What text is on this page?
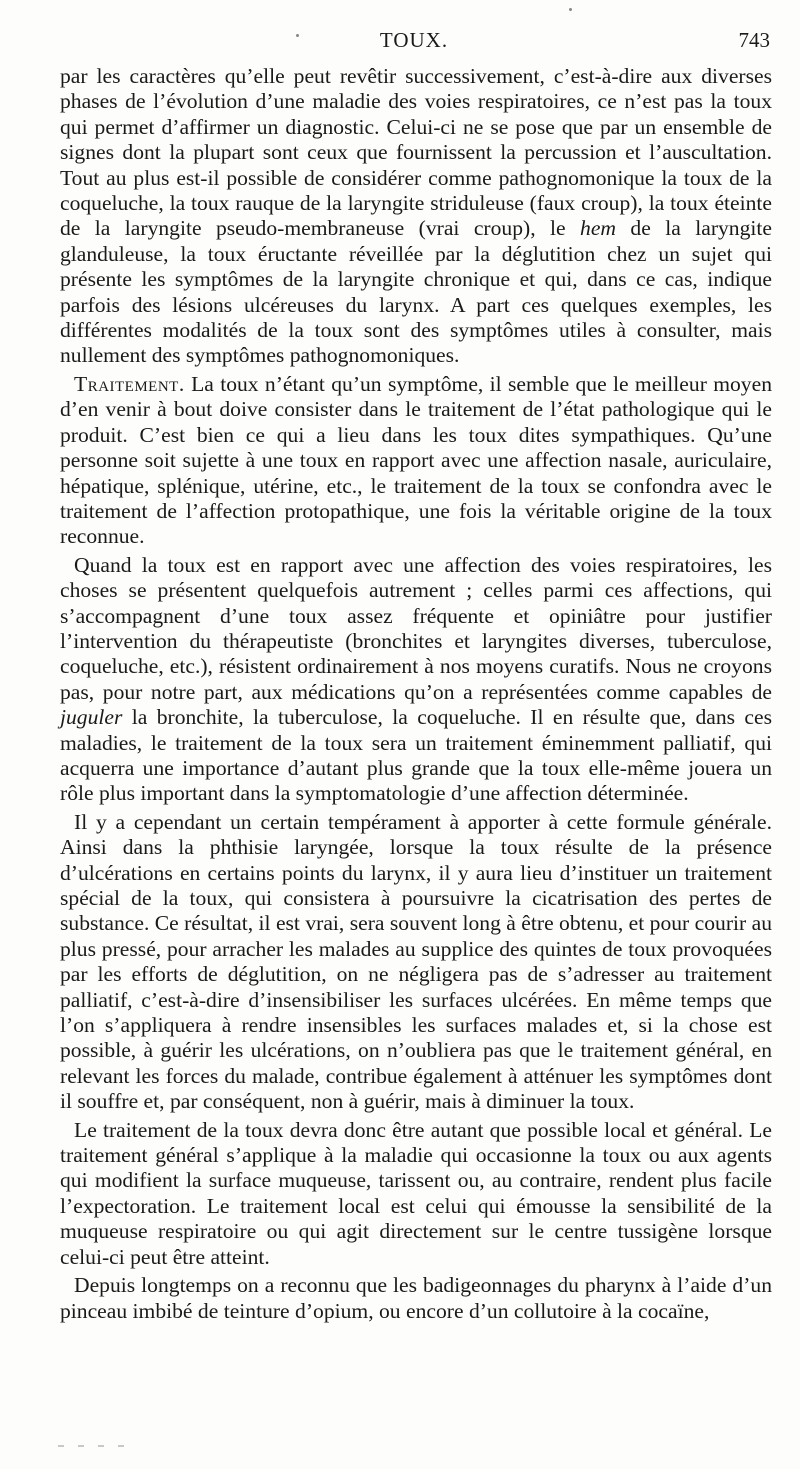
TOUX.	743

par les caractères qu’elle peut revêtir successivement, c’est-à-dire aux diverses phases de l’évolution d’une maladie des voies respiratoires, ce n’est pas la toux qui permet d’affirmer un diagnostic. Celui-ci ne se pose que par un ensemble de signes dont la plupart sont ceux que fournissent la percussion et l’auscultation. Tout au plus est-il possible de considérer comme pathognomonique la toux de la coqueluche, la toux rauque de la laryngite striduleuse (faux croup), la toux éteinte de la laryngite pseudo-membraneuse (vrai croup), le hem de la laryngite glanduleuse, la toux éructante réveillée par la déglutition chez un sujet qui présente les symptômes de la laryngite chronique et qui, dans ce cas, indique parfois des lésions ulcéreuses du larynx. A part ces quelques exemples, les différentes modalités de la toux sont des symptômes utiles à consulter, mais nullement des symptômes pathognomoniques.

Traitement. La toux n’étant qu’un symptôme, il semble que le meilleur moyen d’en venir à bout doive consister dans le traitement de l’état pathologique qui le produit. C’est bien ce qui a lieu dans les toux dites sympathiques. Qu’une personne soit sujette à une toux en rapport avec une affection nasale, auriculaire, hépatique, splénique, utérine, etc., le traitement de la toux se confondra avec le traitement de l’affection protopathique, une fois la véritable origine de la toux reconnue.

Quand la toux est en rapport avec une affection des voies respiratoires, les choses se présentent quelquefois autrement ; celles parmi ces affections, qui s’accompagnent d’une toux assez fréquente et opiniâtre pour justifier l’intervention du thérapeutiste (bronchites et laryngites diverses, tuberculose, coqueluche, etc.), résistent ordinairement à nos moyens curatifs. Nous ne croyons pas, pour notre part, aux médications qu’on a représentées comme capables de juguler la bronchite, la tuberculose, la coqueluche. Il en résulte que, dans ces maladies, le traitement de la toux sera un traitement éminemment palliatif, qui acquerra une importance d’autant plus grande que la toux elle-même jouera un rôle plus important dans la symptomatologie d’une affection déterminée.

Il y a cependant un certain tempérament à apporter à cette formule générale. Ainsi dans la phthisie laryngée, lorsque la toux résulte de la présence d’ulcérations en certains points du larynx, il y aura lieu d’instituer un traitement spécial de la toux, qui consistera à poursuivre la cicatrisation des pertes de substance. Ce résultat, il est vrai, sera souvent long à être obtenu, et pour courir au plus pressé, pour arracher les malades au supplice des quintes de toux provoquées par les efforts de déglutition, on ne négligera pas de s’adresser au traitement palliatif, c’est-à-dire d’insensibiliser les surfaces ulcérées. En même temps que l’on s’appliquera à rendre insensibles les surfaces malades et, si la chose est possible, à guérir les ulcérations, on n’oubliera pas que le traitement général, en relevant les forces du malade, contribue également à atténuer les symptômes dont il souffre et, par conséquent, non à guérir, mais à diminuer la toux.

Le traitement de la toux devra donc être autant que possible local et général. Le traitement général s’applique à la maladie qui occasionne la toux ou aux agents qui modifient la surface muqueuse, tarissent ou, au contraire, rendent plus facile l’expectoration. Le traitement local est celui qui émousse la sensibilité de la muqueuse respiratoire ou qui agit directement sur le centre tussigène lorsque celui-ci peut être atteint.

Depuis longtemps on a reconnu que les badigeonnages du pharynx à l’aide d’un pinceau imbibé de teinture d’opium, ou encore d’un collutoire à la cocaïne,
